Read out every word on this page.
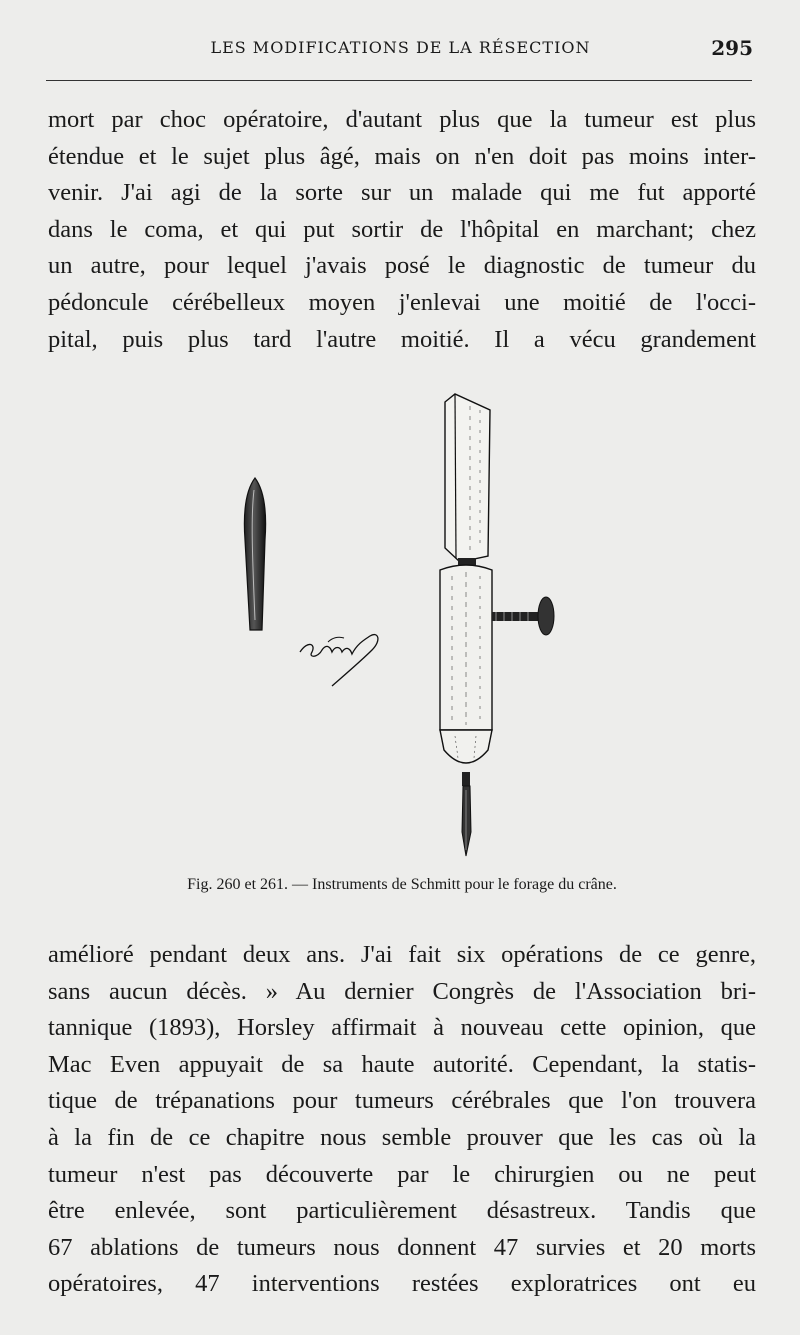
LES MODIFICATIONS DE LA RÉSECTION	295
mort par choc opératoire, d'autant plus que la tumeur est plus
étendue et le sujet plus âgé, mais on n'en doit pas moins inter-
venir. J'ai agi de la sorte sur un malade qui me fut apporté
dans le coma, et qui put sortir de l'hôpital en marchant; chez
un autre, pour lequel j'avais posé le diagnostic de tumeur du
pédoncule cérébelleux moyen j'enlevai une moitié de l'occi-
pital, puis plus tard l'autre moitié. Il a vécu grandement
Fig. 260 et 261. — Instruments de Schmitt pour le forage du crâne.
amélioré pendant deux ans. J'ai fait six opérations de ce genre,
sans aucun décès. » Au dernier Congrès de l'Association bri-
tannique (1893), Horsley affirmait à nouveau cette opinion, que
Mac Even appuyait de sa haute autorité. Cependant, la statis-
tique de trépanations pour tumeurs cérébrales que l'on trouvera
à la fin de ce chapitre nous semble prouver que les cas où la
tumeur n'est pas découverte par le chirurgien ou ne peut
être enlevée, sont particulièrement désastreux. Tandis que
67 ablations de tumeurs nous donnent 47 survies et 20 morts
opératoires, 47 interventions restées exploratrices ont eu
